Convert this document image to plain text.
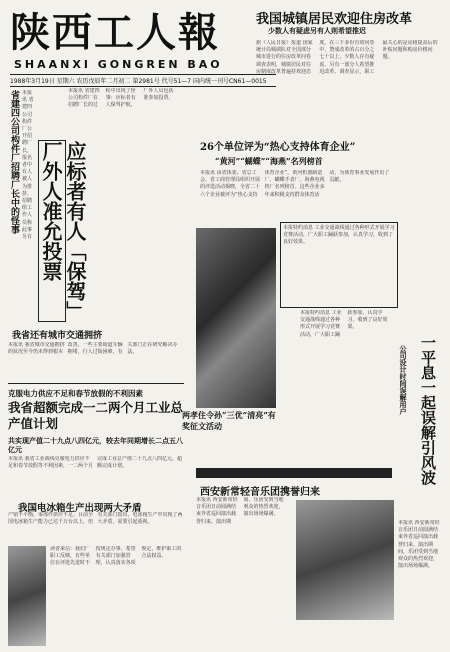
陕西工人報
SHAANXI GONGREN BAO
1988年3月19日 星期六 农历戊辰年二月初二 第2981号 代号51—7 国内统一刊号CN61—0015
我国城镇居民欢迎住房改革
少数人有疑虑另有人则希望推迟
据《人民日报》报道 国家统计局城调队对全国部分城市进行的住房改革问卷调查表明，城镇居民对住房制度改革普遍持欢迎态度。在三千多份有效问卷中，赞成改革的占百分之七十以上，少数人存有疑虑，另有一部分人希望推迟改革。调查显示，职工最关心的是房租提高后的补贴问题和购房价格问题。
省建四公司构件厂招聘厂长中的怪事 本报讯 省建四公司构件厂公开招聘厂长，报名者中有人被人为排挤，招聘组工作人员称此事另有	应标者有人「保驾」厂外人准允投票
本报讯 省建四公司构件厂在招聘厂长的过程中出现了怪事：应标者有人保驾护航，厂外人员也获准参加投票。
26个单位评为“热心支持体育企业”
“黄河”“蝴蝶”“海燕”名列榜首
本报讯 由省体委、省总工会、省工商管理局组织开展的评选活动揭晓，全省二十六个企业被评为“热心支持体育企业”。黄河机器制造厂、蝴蝶手表厂、海燕电视机厂名列榜首。这些企业多年来积极支持群众体育活动，为体育事业发展作出了贡献。
本报特约消息 工业交通战线通过各种形式开展学习竞赛活动，广大职工踊跃参加，认真学习，收到了良好效果。
两孝住令孙“三优”清亮”有奖征文活动	一平息一起误解引风波
公司设计时间误解用户
本报特约消息 工业交通战线通过各种形式开展学习竞赛活动，广大职工踊跃参加，认真学习，收到了良好效果。
我省还有城市交通拥挤
本报讯 我省城市交通拥挤的状况至今仍未得到根本改善，一些主要街道车辆拥堵，行人过街困难，有关部门正在研究解决办法。
克服电力供应不足和春节放假的不利因素
我省超额完成一二两个月工业总产值计划
共实现产值二十九点八四亿元，较去年同期增长二点五八亿元
本报讯 我省工业战线克服电力供应不足和春节放假等不利因素，一二两个月完成工业总产值二十九点八四亿元，超额完成计划。
我国电冰箱生产出现两大矛盾
产销不平衡，零部件供应不足。目前全国电冰箱生产能力已达千万台以上，但有关部门指出，电冰箱生产中出现了两大矛盾，需要引起重视。
读者来信：我们厂职工反映，有些单位在评选先进时不按规定办事，希望有关部门加强管理，认真落实各项规定，维护职工的合法权益。
西安新常轻音乐团携誉归来
本报讯 西安新常轻音乐团日前圆满结束外省巡回演出载誉归来。演出期间，乐团受到当地观众的热烈欢迎，演出场场爆满。
本报讯 西安新常轻音乐团日前圆满结束外省巡回演出载誉归来。演出期间，乐团受到当地观众的热烈欢迎，演出场场爆满。
